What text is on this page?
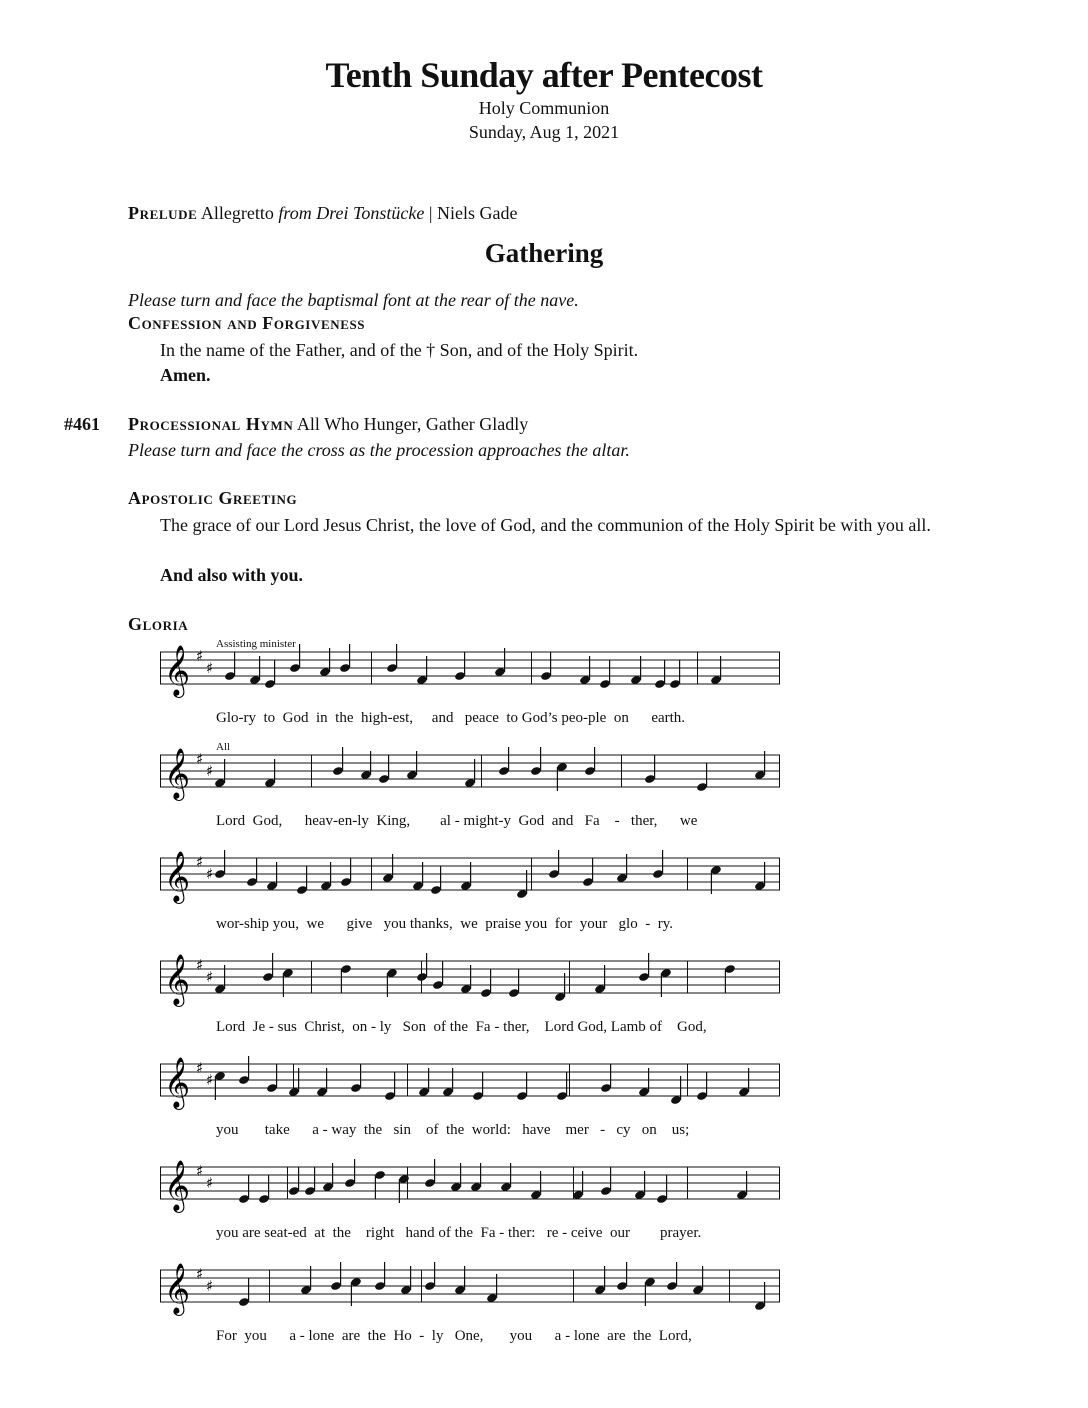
Tenth Sunday after Pentecost
Holy Communion
Sunday, Aug 1, 2021
Prelude Allegretto from Drei Tonstücke | Niels Gade
Gathering
Please turn and face the baptismal font at the rear of the nave.
Confession and Forgiveness
In the name of the Father, and of the † Son, and of the Holy Spirit.
Amen.
#461 Processional Hymn All Who Hunger, Gather Gladly
Please turn and face the cross as the procession approaches the altar.
Apostolic Greeting
The grace of our Lord Jesus Christ, the love of God, and the communion of the Holy Spirit be with you all.
And also with you.
Gloria
𝄞 ♯
♯
Assisting minister
Glo-ry  to  God  in  the  high-est,     and   peace  to God’s peo-ple  on      earth.
𝄞 ♯
♯
All
Lord  God,      heav-en-ly  King,        al - might-y  God  and   Fa    -   ther,      we
𝄞 ♯
♯
wor-ship you,  we      give   you thanks,  we  praise you  for  your   glo  -  ry.
𝄞 ♯
♯
Lord  Je - sus  Christ,  on - ly   Son  of the  Fa - ther,    Lord God, Lamb of    God,
𝄞 ♯
♯
you       take      a - way  the   sin    of  the  world:   have    mer   -   cy   on    us;
𝄞 ♯
♯
you are seat-ed  at  the    right   hand of the  Fa - ther:   re - ceive  our        prayer.
𝄞 ♯
♯
For  you      a - lone  are  the  Ho  -  ly   One,       you      a - lone  are  the  Lord,
